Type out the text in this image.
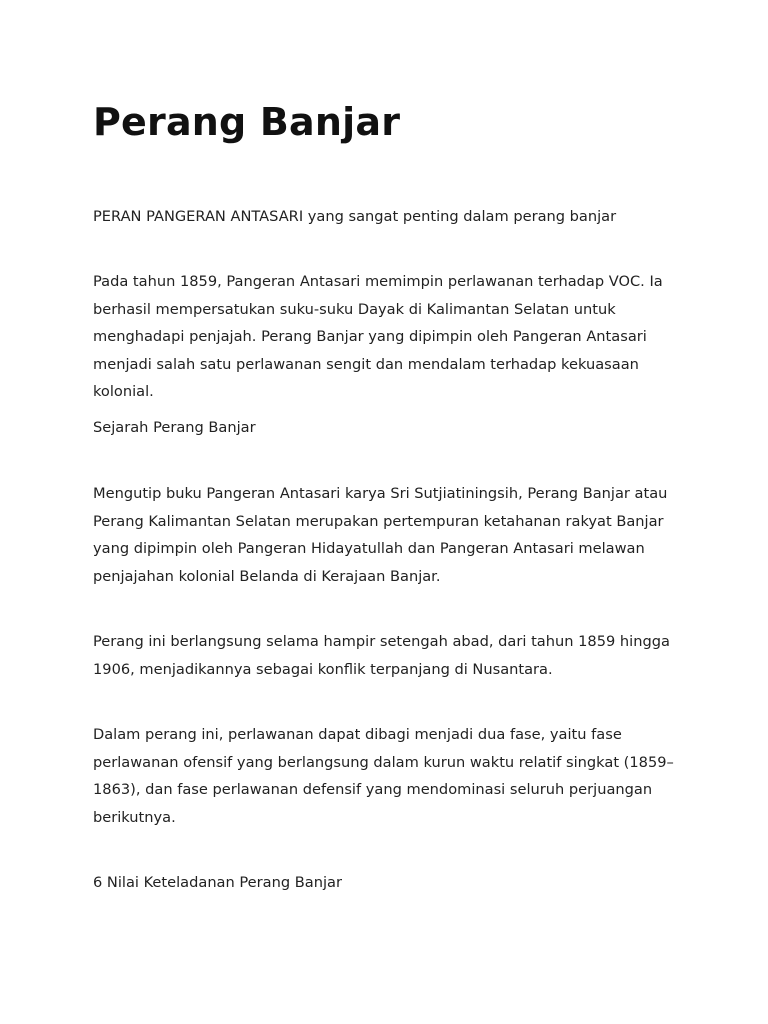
Perang Banjar

PERAN PANGERAN ANTASARI yang sangat penting dalam perang banjar

Pada tahun 1859, Pangeran Antasari memimpin perlawanan terhadap VOC. Ia
berhasil mempersatukan suku-suku Dayak di Kalimantan Selatan untuk
menghadapi penjajah. Perang Banjar yang dipimpin oleh Pangeran Antasari
menjadi salah satu perlawanan sengit dan mendalam terhadap kekuasaan
kolonial.

Sejarah Perang Banjar

Mengutip buku Pangeran Antasari karya Sri Sutjiatiningsih, Perang Banjar atau
Perang Kalimantan Selatan merupakan pertempuran ketahanan rakyat Banjar
yang dipimpin oleh Pangeran Hidayatullah dan Pangeran Antasari melawan
penjajahan kolonial Belanda di Kerajaan Banjar.
Perang ini berlangsung selama hampir setengah abad, dari tahun 1859 hingga
1906, menjadikannya sebagai konflik terpanjang di Nusantara.
Dalam perang ini, perlawanan dapat dibagi menjadi dua fase, yaitu fase
perlawanan ofensif yang berlangsung dalam kurun waktu relatif singkat (1859–
1863), dan fase perlawanan defensif yang mendominasi seluruh perjuangan
berikutnya.

6 Nilai Keteladanan Perang Banjar
